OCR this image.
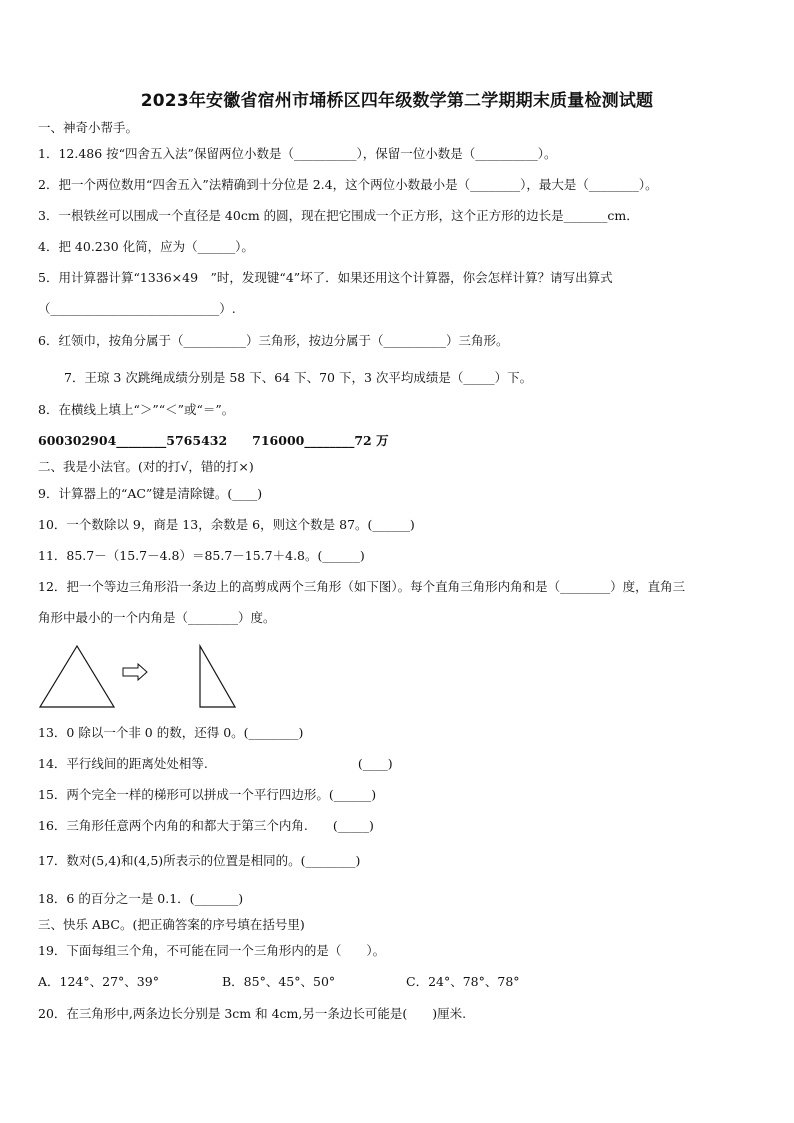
2023年安徽省宿州市埇桥区四年级数学第二学期期末质量检测试题
一、神奇小帮手。
1．12.486 按“四舍五入法”保留两位小数是（__________），保留一位小数是（__________）。
2．把一个两位数用“四舍五入”法精确到十分位是 2.4，这个两位小数最小是（________），最大是（________）。
3．一根铁丝可以围成一个直径是 40cm 的圆，现在把它围成一个正方形，这个正方形的边长是_______cm．
4．把 40.230 化简，应为（______）。
5．用计算器计算“1336×49　”时，发现键“4”坏了．如果还用这个计算器，你会怎样计算？请写出算式
（___________________________）.
6．红领巾，按角分属于（__________）三角形，按边分属于（__________）三角形。
7．王琼 3 次跳绳成绩分别是 58 下、64 下、70 下，3 次平均成绩是（_____）下。
8．在横线上填上“＞”“＜”或“＝”。
600302904________5765432　　716000________72 万
二、我是小法官。(对的打√，错的打×)
9．计算器上的“AC”键是清除键。(____)
10．一个数除以 9，商是 13，余数是 6，则这个数是 87。(______)
11．85.7－（15.7－4.8）＝85.7－15.7＋4.8。(______)
12．把一个等边三角形沿一条边上的高剪成两个三角形（如下图）。每个直角三角形内角和是（________）度，直角三
角形中最小的一个内角是（________）度。
13．0 除以一个非 0 的数，还得 0。(________)
14．平行线间的距离处处相等.　　　　　　　　　　　　(____)
15．两个完全一样的梯形可以拼成一个平行四边形。(______)
16．三角形任意两个内角的和都大于第三个内角.　　(_____)
17．数对(5,4)和(4,5)所表示的位置是相同的。(________)
18．6 的百分之一是 0.1．(_______)
三、快乐 ABC。(把正确答案的序号填在括号里)
19．下面每组三个角，不可能在同一个三角形内的是（　　）。
A．124°、27°、39°	B．85°、45°、50°	C．24°、78°、78°
20．在三角形中,两条边长分别是 3cm 和 4cm,另一条边长可能是(　　)厘米.
